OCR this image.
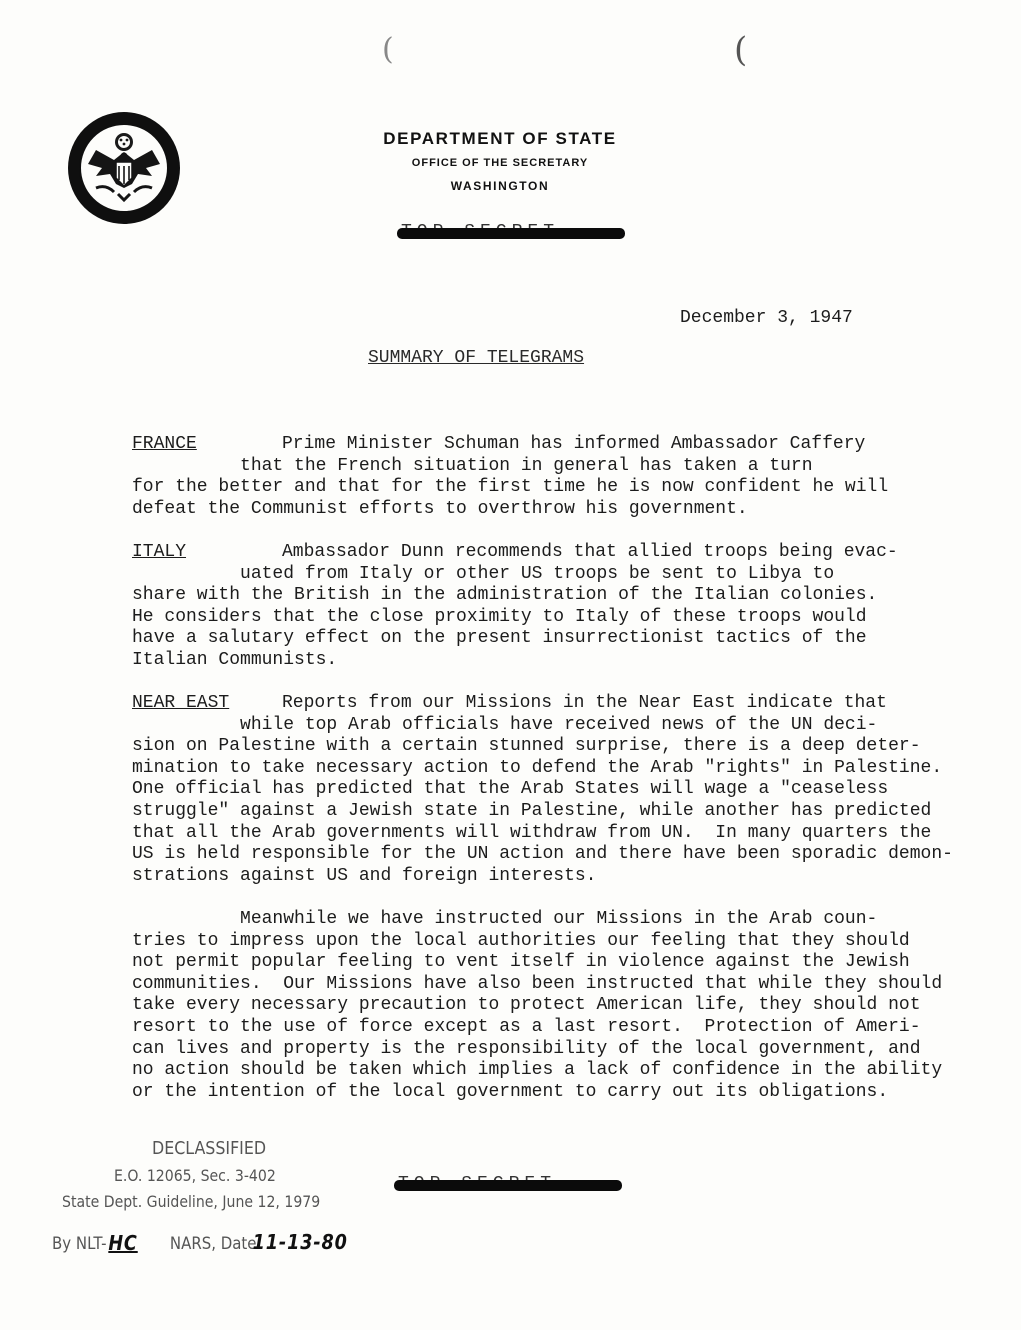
DEPARTMENT OF STATE
OFFICE OF THE SECRETARY
WASHINGTON
December 3, 1947
SUMMARY OF TELEGRAMS
FRANCE	Prime Minister Schuman has informed Ambassador Caffery
that the French situation in general has taken a turn
for the better and that for the first time he is now confident he will
defeat the Communist efforts to overthrow his government.
ITALY	Ambassador Dunn recommends that allied troops being evac-
uated from Italy or other US troops be sent to Libya to
share with the British in the administration of the Italian colonies.
He considers that the close proximity to Italy of these troops would
have a salutary effect on the present insurrectionist tactics of the
Italian Communists.
NEAR EAST	Reports from our Missions in the Near East indicate that
while top Arab officials have received news of the UN deci-
sion on Palestine with a certain stunned surprise, there is a deep deter-
mination to take necessary action to defend the Arab "rights" in Palestine.
One official has predicted that the Arab States will wage a "ceaseless
struggle" against a Jewish state in Palestine, while another has predicted
that all the Arab governments will withdraw from UN.  In many quarters the
US is held responsible for the UN action and there have been sporadic demon-
strations against US and foreign interests.
Meanwhile we have instructed our Missions in the Arab coun-
tries to impress upon the local authorities our feeling that they should
not permit popular feeling to vent itself in violence against the Jewish
communities.  Our Missions have also been instructed that while they should
take every necessary precaution to protect American life, they should not
resort to the use of force except as a last resort.  Protection of Ameri-
can lives and property is the responsibility of the local government, and
no action should be taken which implies a lack of confidence in the ability
or the intention of the local government to carry out its obligations.
DECLASSIFIED
E.O. 12065, Sec. 3-402
State Dept. Guideline, June 12, 1979
By NLT- HC NARS, Date
11-13-80
(	(
